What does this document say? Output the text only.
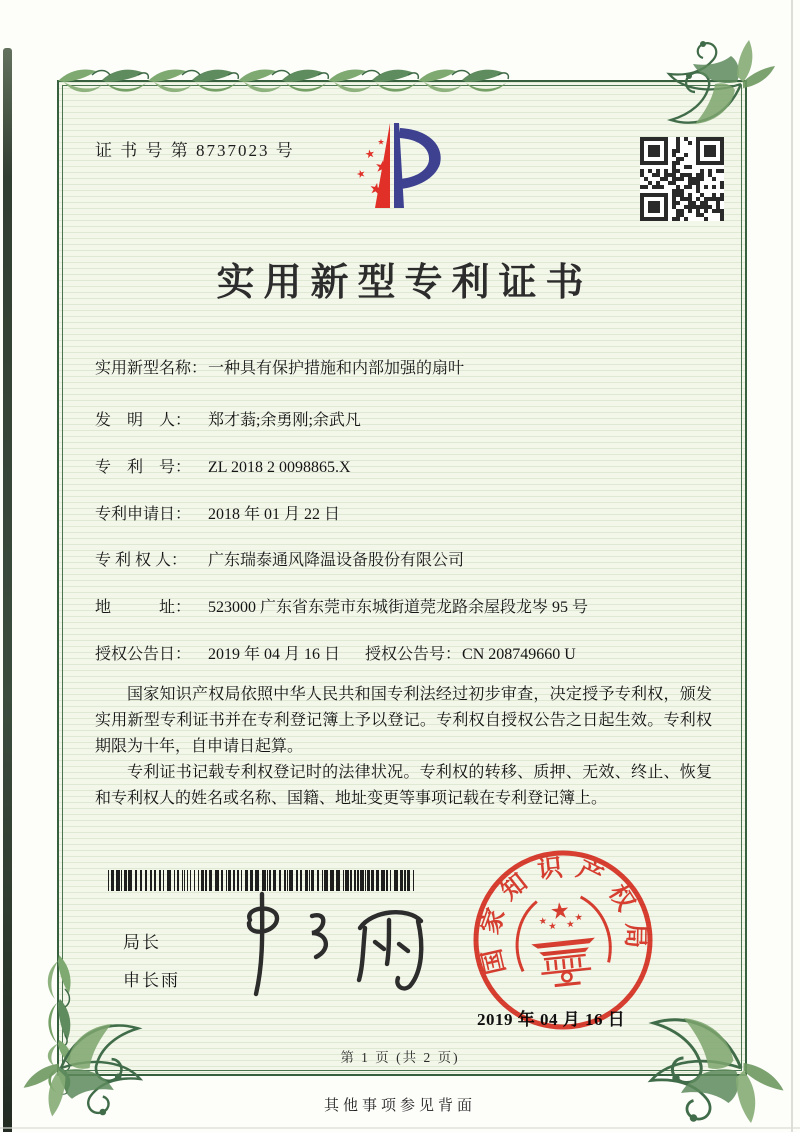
证 书 号 第 8737023 号
实用新型专利证书
实用新型名称：一种具有保护措施和内部加强的扇叶
发　明　人： 郑才蓊;余勇刚;余武凡
专　利　号： ZL 2018 2 0098865.X
专利申请日： 2018 年 01 月 22 日
专 利 权 人： 广东瑞泰通风降温设备股份有限公司
地　　　址： 523000 广东省东莞市东城街道莞龙路余屋段龙岑 95 号
授权公告日： 2019 年 04 月 16 日 授权公告号：CN 208749660 U

国家知识产权局依照中华人民共和国专利法经过初步审查，决定授予专利权，颁发实用新型专利证书并在专利登记簿上予以登记。专利权自授权公告之日起生效。专利权期限为十年，自申请日起算。

专利证书记载专利权登记时的法律状况。专利权的转移、质押、无效、终止、恢复和专利权人的姓名或名称、国籍、地址变更等事项记载在专利登记簿上。

局长
申长雨
国家知识产权局
2019 年 04 月 16 日
第 1 页 (共 2 页)
其他事项参见背面
